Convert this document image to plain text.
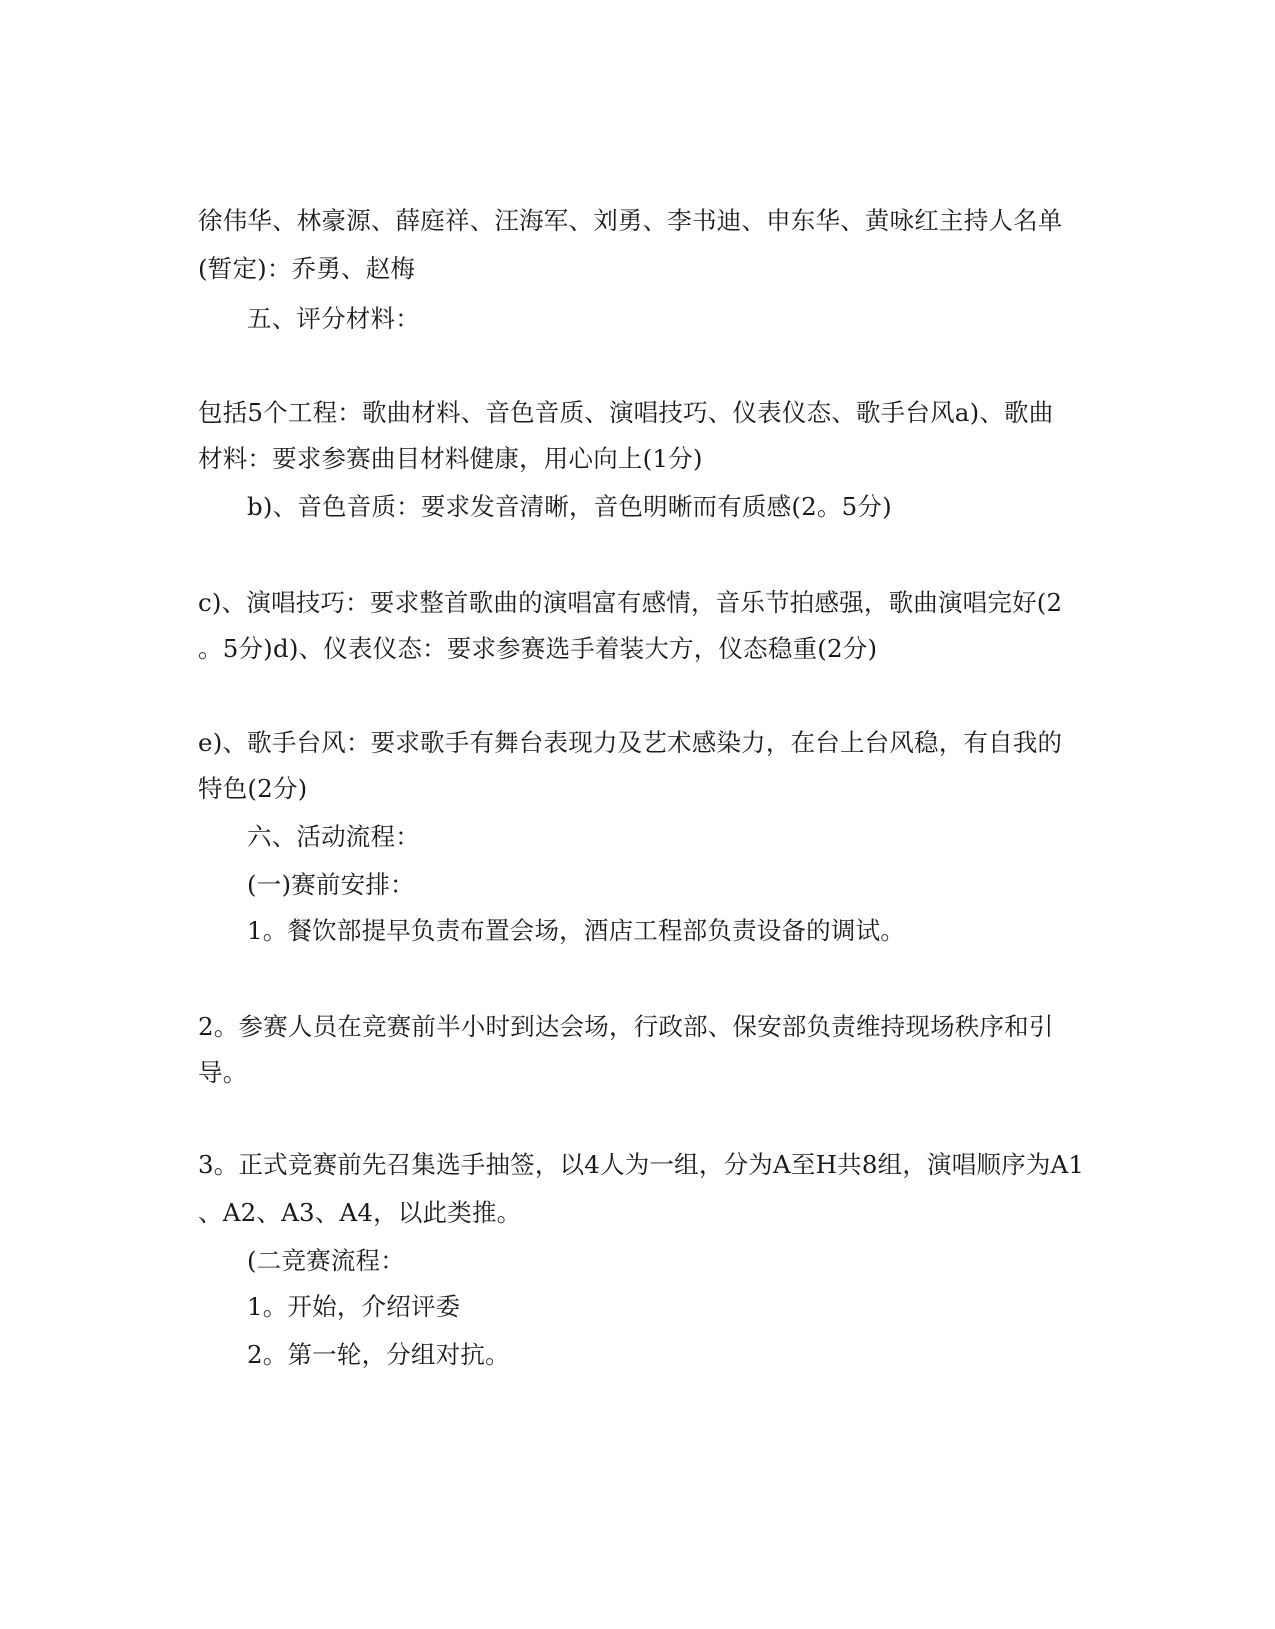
徐伟华、林豪源、薛庭祥、汪海军、刘勇、李书迪、申东华、黄咏红主持人名单
(暂定)：乔勇、赵梅
五、评分材料：
包括5个工程：歌曲材料、音色音质、演唱技巧、仪表仪态、歌手台风a)、歌曲
材料：要求参赛曲目材料健康，用心向上(1分)
b)、音色音质：要求发音清晰，音色明晰而有质感(2。5分)
c)、演唱技巧：要求整首歌曲的演唱富有感情，音乐节拍感强，歌曲演唱完好(2
。5分)d)、仪表仪态：要求参赛选手着装大方，仪态稳重(2分)
e)、歌手台风：要求歌手有舞台表现力及艺术感染力，在台上台风稳，有自我的
特色(2分)
六、活动流程：
(一)赛前安排：
1。餐饮部提早负责布置会场，酒店工程部负责设备的调试。
2。参赛人员在竞赛前半小时到达会场，行政部、保安部负责维持现场秩序和引
导。
3。正式竞赛前先召集选手抽签，以4人为一组，分为A至H共8组，演唱顺序为A1
、A2、A3、A4，以此类推。
(二竞赛流程：
1。开始，介绍评委
2。第一轮，分组对抗。
